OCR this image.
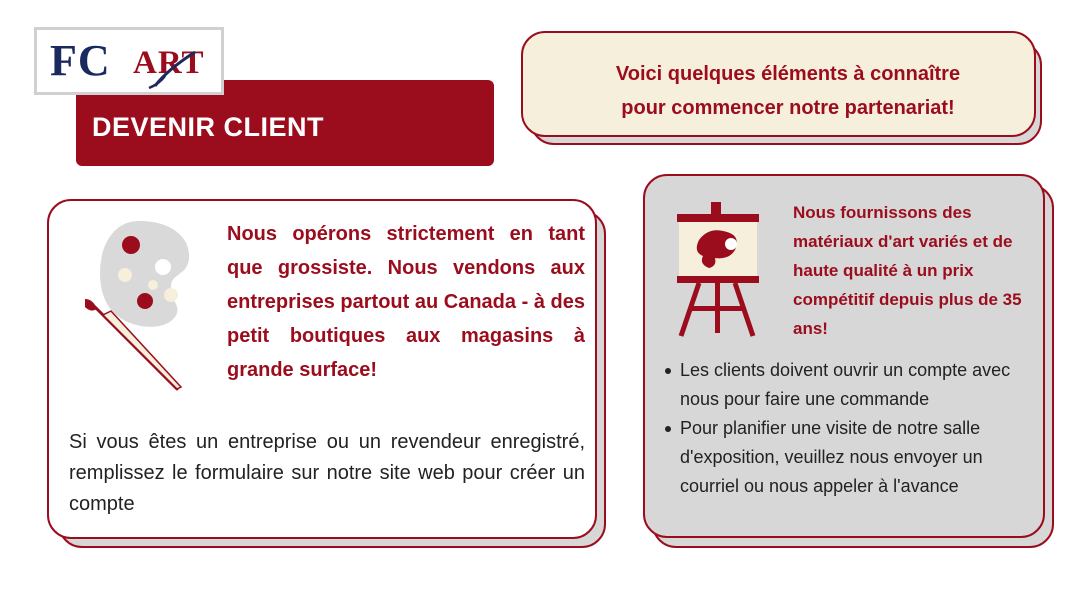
FC ART
DEVENIR CLIENT
Voici quelques éléments à connaître
pour commencer notre partenariat!
Nous opérons strictement en tant que grossiste. Nous vendons aux entreprises partout au Canada - à des petit boutiques aux magasins à grande surface!
Si vous êtes un entreprise ou un revendeur enregistré, remplissez le formulaire sur notre site web pour créer un compte
Nous fournissons des matériaux d'art variés et de haute qualité à un prix compétitif depuis plus de 35 ans!
Les clients doivent ouvrir un compte avec nous pour faire une commande
Pour planifier une visite de notre salle d'exposition, veuillez nous envoyer un courriel ou nous appeler à l'avance
